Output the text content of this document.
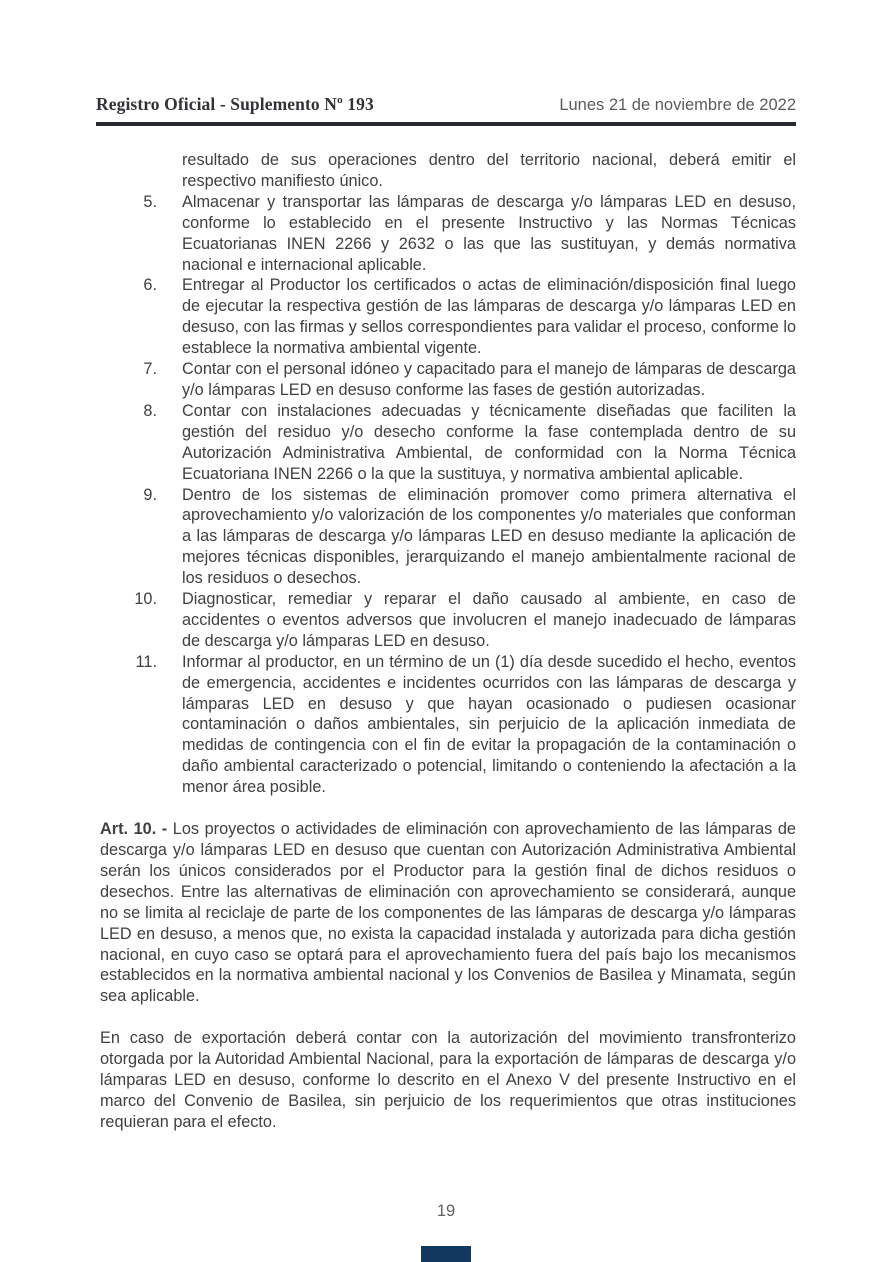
Registro Oficial - Suplemento Nº 193	Lunes 21 de noviembre de 2022

resultado de sus operaciones dentro del territorio nacional, deberá emitir el respectivo manifiesto único.

5. Almacenar y transportar las lámparas de descarga y/o lámparas LED en desuso, conforme lo establecido en el presente Instructivo y las Normas Técnicas Ecuatorianas INEN 2266 y 2632 o las que las sustituyan, y demás normativa nacional e internacional aplicable.
6. Entregar al Productor los certificados o actas de eliminación/disposición final luego de ejecutar la respectiva gestión de las lámparas de descarga y/o lámparas LED en desuso, con las firmas y sellos correspondientes para validar el proceso, conforme lo establece la normativa ambiental vigente.
7. Contar con el personal idóneo y capacitado para el manejo de lámparas de descarga y/o lámparas LED en desuso conforme las fases de gestión autorizadas.
8. Contar con instalaciones adecuadas y técnicamente diseñadas que faciliten la gestión del residuo y/o desecho conforme la fase contemplada dentro de su Autorización Administrativa Ambiental, de conformidad con la Norma Técnica Ecuatoriana INEN 2266 o la que la sustituya, y normativa ambiental aplicable.
9. Dentro de los sistemas de eliminación promover como primera alternativa el aprovechamiento y/o valorización de los componentes y/o materiales que conforman a las lámparas de descarga y/o lámparas LED en desuso mediante la aplicación de mejores técnicas disponibles, jerarquizando el manejo ambientalmente racional de los residuos o desechos.
10. Diagnosticar, remediar y reparar el daño causado al ambiente, en caso de accidentes o eventos adversos que involucren el manejo inadecuado de lámparas de descarga y/o lámparas LED en desuso.
11. Informar al productor, en un término de un (1) día desde sucedido el hecho, eventos de emergencia, accidentes e incidentes ocurridos con las lámparas de descarga y lámparas LED en desuso y que hayan ocasionado o pudiesen ocasionar contaminación o daños ambientales, sin perjuicio de la aplicación inmediata de medidas de contingencia con el fin de evitar la propagación de la contaminación o daño ambiental caracterizado o potencial, limitando o conteniendo la afectación a la menor área posible.

Art. 10. - Los proyectos o actividades de eliminación con aprovechamiento de las lámparas de descarga y/o lámparas LED en desuso que cuentan con Autorización Administrativa Ambiental serán los únicos considerados por el Productor para la gestión final de dichos residuos o desechos. Entre las alternativas de eliminación con aprovechamiento se considerará, aunque no se limita al reciclaje de parte de los componentes de las lámparas de descarga y/o lámparas LED en desuso, a menos que, no exista la capacidad instalada y autorizada para dicha gestión nacional, en cuyo caso se optará para el aprovechamiento fuera del país bajo los mecanismos establecidos en la normativa ambiental nacional y los Convenios de Basilea y Minamata, según sea aplicable.

En caso de exportación deberá contar con la autorización del movimiento transfronterizo otorgada por la Autoridad Ambiental Nacional, para la exportación de lámparas de descarga y/o lámparas LED en desuso, conforme lo descrito en el Anexo V del presente Instructivo en el marco del Convenio de Basilea, sin perjuicio de los requerimientos que otras instituciones requieran para el efecto.

19
